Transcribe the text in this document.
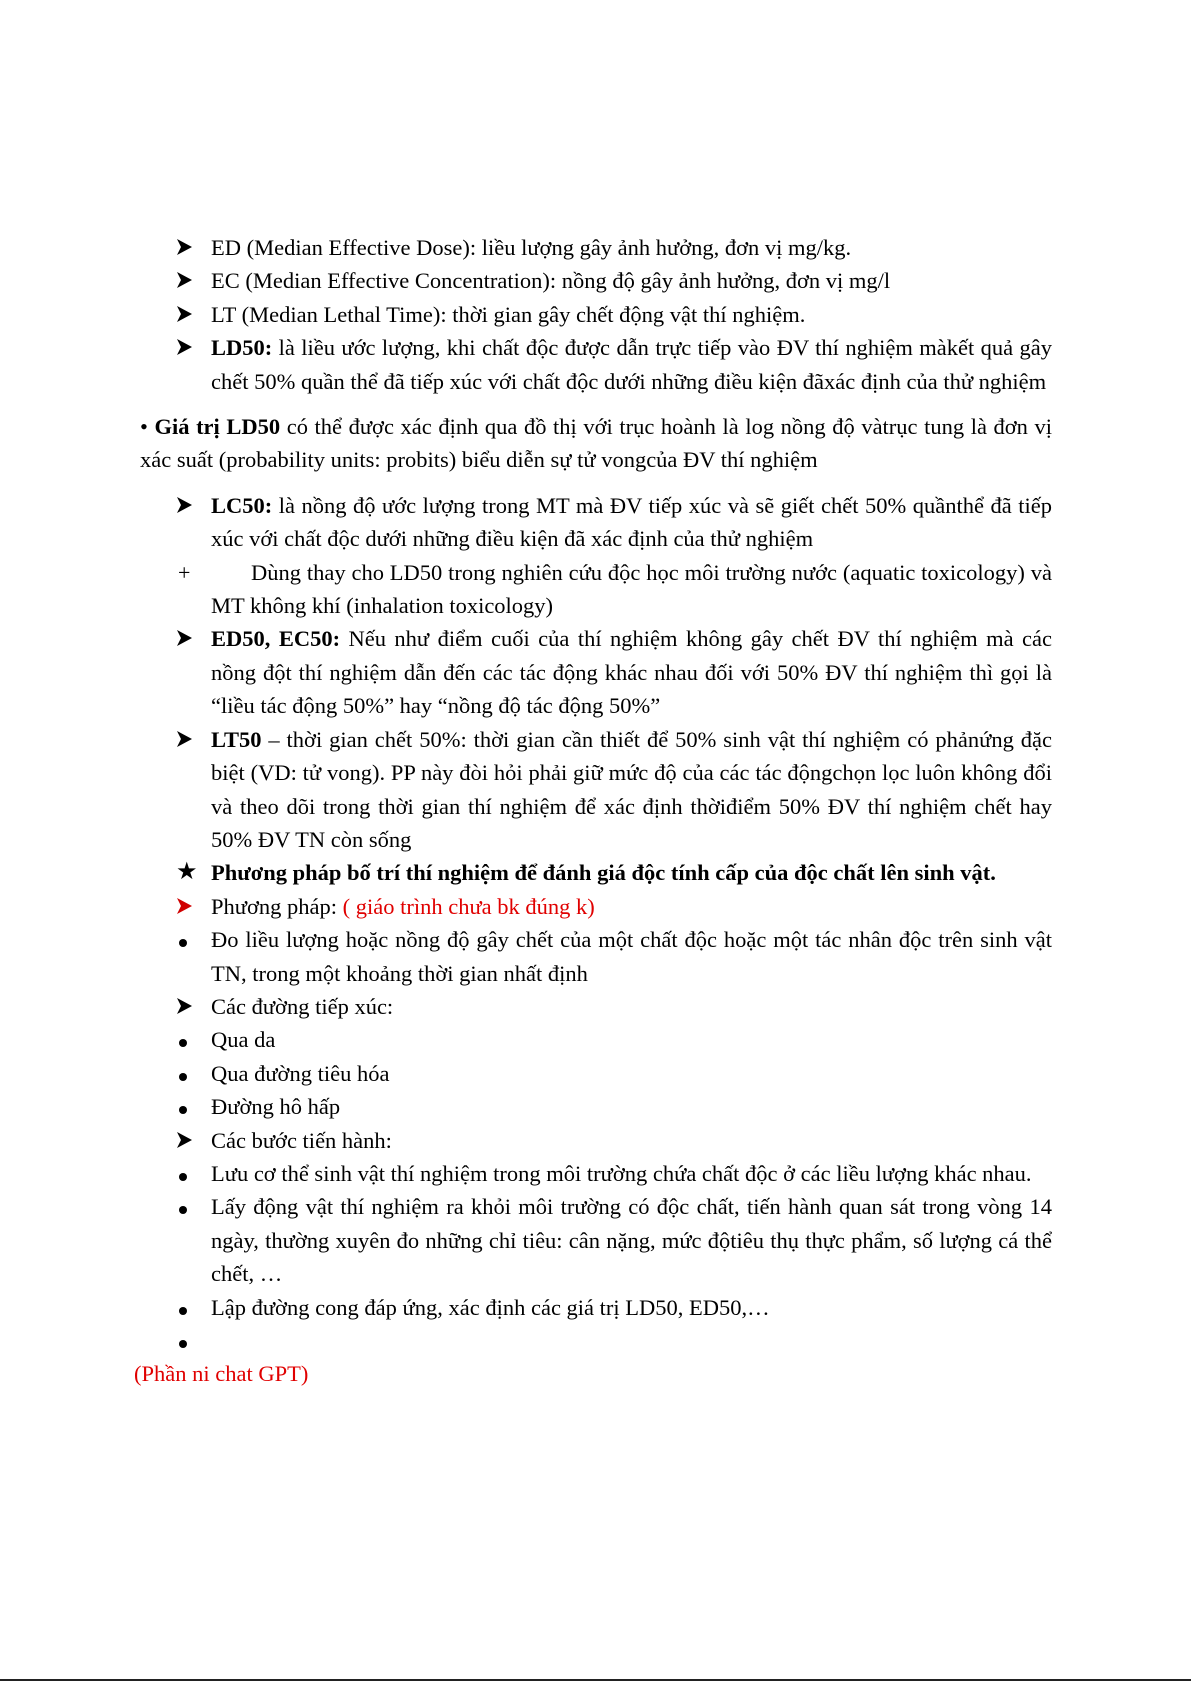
ED (Median Effective Dose): liều lượng gây ảnh hưởng, đơn vị mg/kg.
EC (Median Effective Concentration): nồng độ gây ảnh hưởng, đơn vị mg/l
LT (Median Lethal Time): thời gian gây chết động vật thí nghiệm.
LD50: là liều ước lượng, khi chất độc được dẫn trực tiếp vào ĐV thí nghiệm màkết quả gây chết 50% quần thể đã tiếp xúc với chất độc dưới những điều kiện đãxác định của thử nghiệm
• Giá trị LD50 có thể được xác định qua đồ thị với trục hoành là log nồng độ vàtrục tung là đơn vị xác suất (probability units: probits) biểu diễn sự tử vongcủa ĐV thí nghiệm
LC50: là nồng độ ước lượng trong MT mà ĐV tiếp xúc và sẽ giết chết 50% quầnthể đã tiếp xúc với chất độc dưới những điều kiện đã xác định của thử nghiệm
+	Dùng thay cho LD50 trong nghiên cứu độc học môi trường nước (aquatic toxicology) và MT không khí (inhalation toxicology)
ED50, EC50: Nếu như điểm cuối của thí nghiệm không gây chết ĐV thí nghiệm mà các nồng đột thí nghiệm dẫn đến các tác động khác nhau đối với 50% ĐV thí nghiệm thì gọi là “liều tác động 50%” hay “nồng độ tác động 50%”
LT50 – thời gian chết 50%: thời gian cần thiết để 50% sinh vật thí nghiệm có phảnứng đặc biệt (VD: tử vong). PP này đòi hỏi phải giữ mức độ của các tác độngchọn lọc luôn không đổi và theo dõi trong thời gian thí nghiệm để xác định thờiđiểm 50% ĐV thí nghiệm chết hay 50% ĐV TN còn sống
★ Phương pháp bố trí thí nghiệm để đánh giá độc tính cấp của độc chất lên sinh vật.
Phương pháp: ( giáo trình chưa bk đúng k)
Đo liều lượng hoặc nồng độ gây chết của một chất độc hoặc một tác nhân độc trên sinh vật TN, trong một khoảng thời gian nhất định
Các đường tiếp xúc:
Qua da
Qua đường tiêu hóa
Đường hô hấp
Các bước tiến hành:
Lưu cơ thể sinh vật thí nghiệm trong môi trường chứa chất độc ở các liều lượng khác nhau.
Lấy động vật thí nghiệm ra khỏi môi trường có độc chất, tiến hành quan sát trong vòng 14 ngày, thường xuyên đo những chỉ tiêu: cân nặng, mức độtiêu thụ thực phẩm, số lượng cá thể chết, …
Lập đường cong đáp ứng, xác định các giá trị LD50, ED50,…

(Phần ni chat GPT)
